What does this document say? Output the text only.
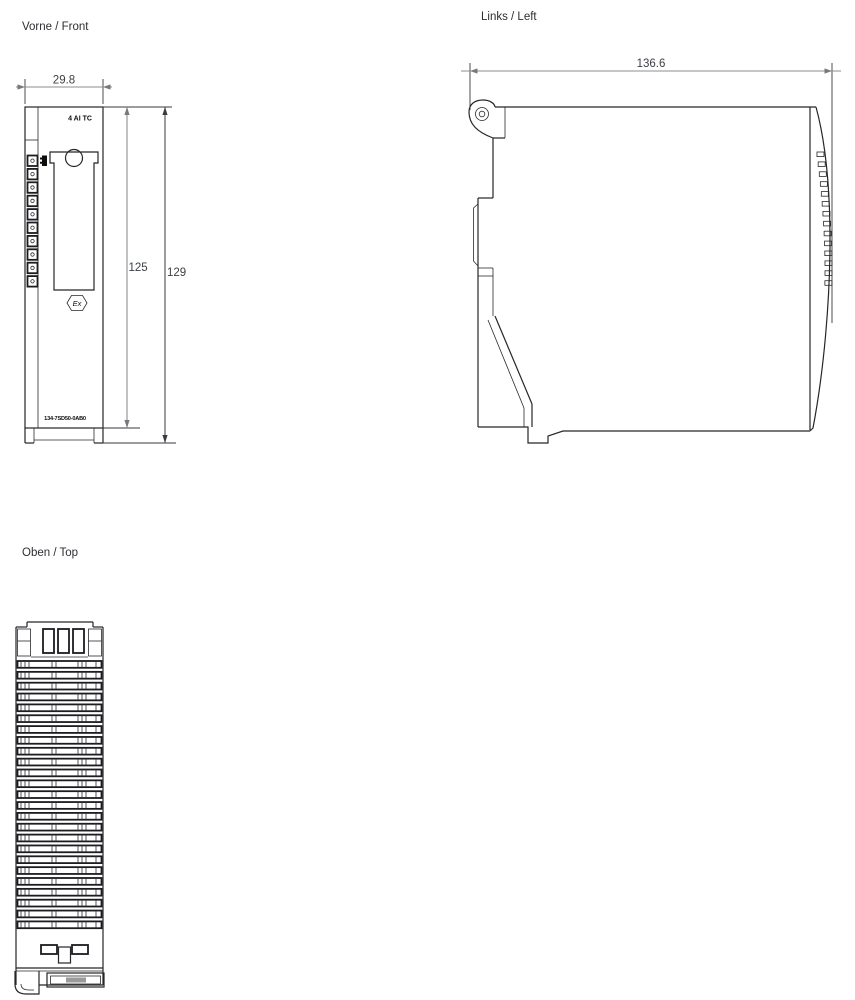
Vorne / Front
29.8
4 AI TC
Ex
134-7SD50-0AB0
125 129
Links / Left
136.6
Oben / Top
